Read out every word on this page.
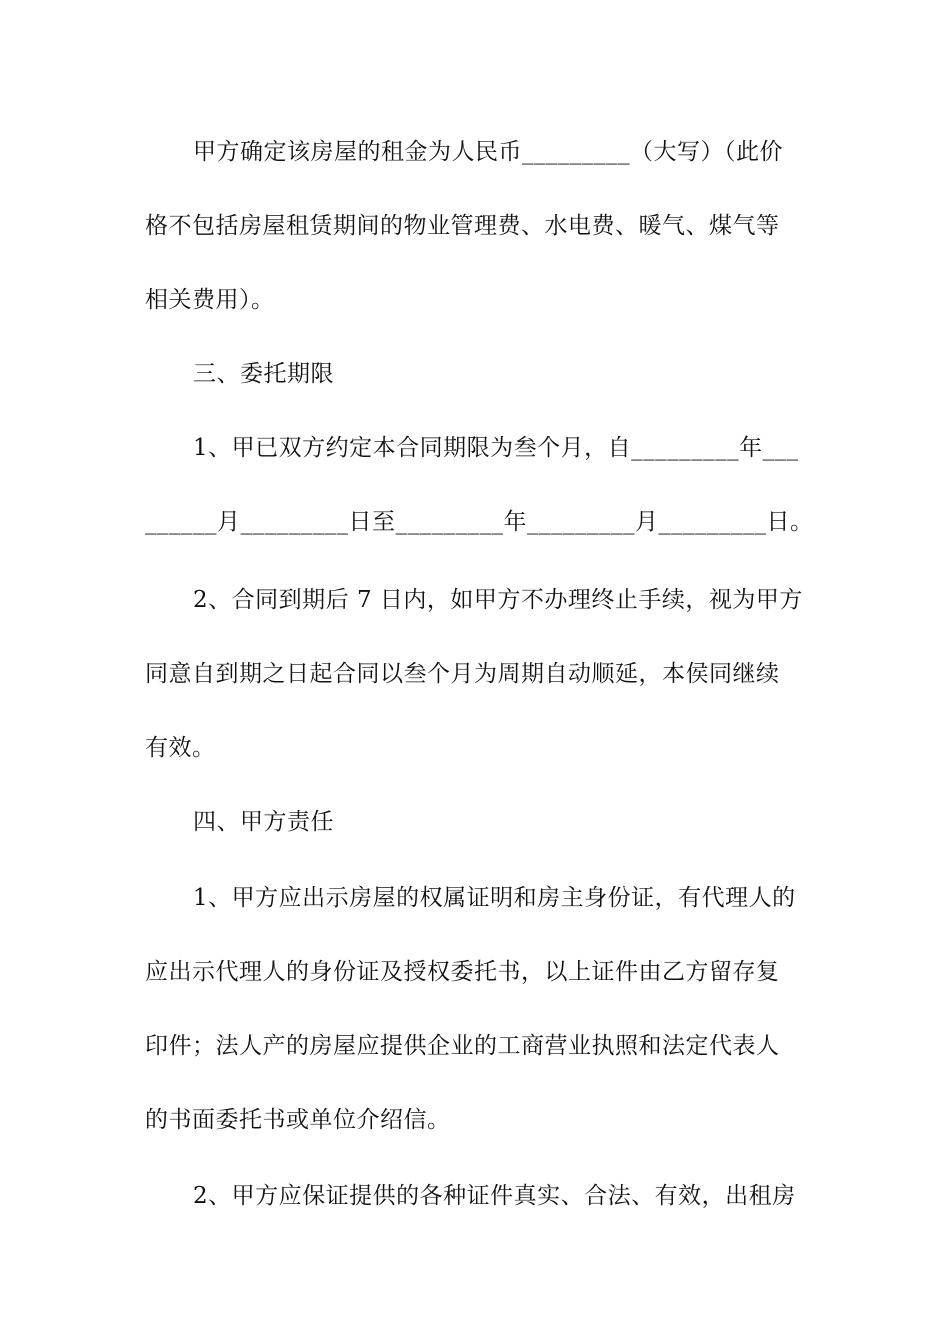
甲方确定该房屋的租金为人民币_________（大写）（此价
格不包括房屋租赁期间的物业管理费、水电费、暖气、煤气等
相关费用）。
三、委托期限
1、甲已双方约定本合同期限为叁个月，自_________年___
______月_________日至_________年_________月_________日。
2、合同到期后 7 日内，如甲方不办理终止手续，视为甲方
同意自到期之日起合同以叁个月为周期自动顺延，本侯同继续
有效。
四、甲方责任
1、甲方应出示房屋的权属证明和房主身份证，有代理人的
应出示代理人的身份证及授权委托书，以上证件由乙方留存复
印件；法人产的房屋应提供企业的工商营业执照和法定代表人
的书面委托书或单位介绍信。
2、甲方应保证提供的各种证件真实、合法、有效，出租房
